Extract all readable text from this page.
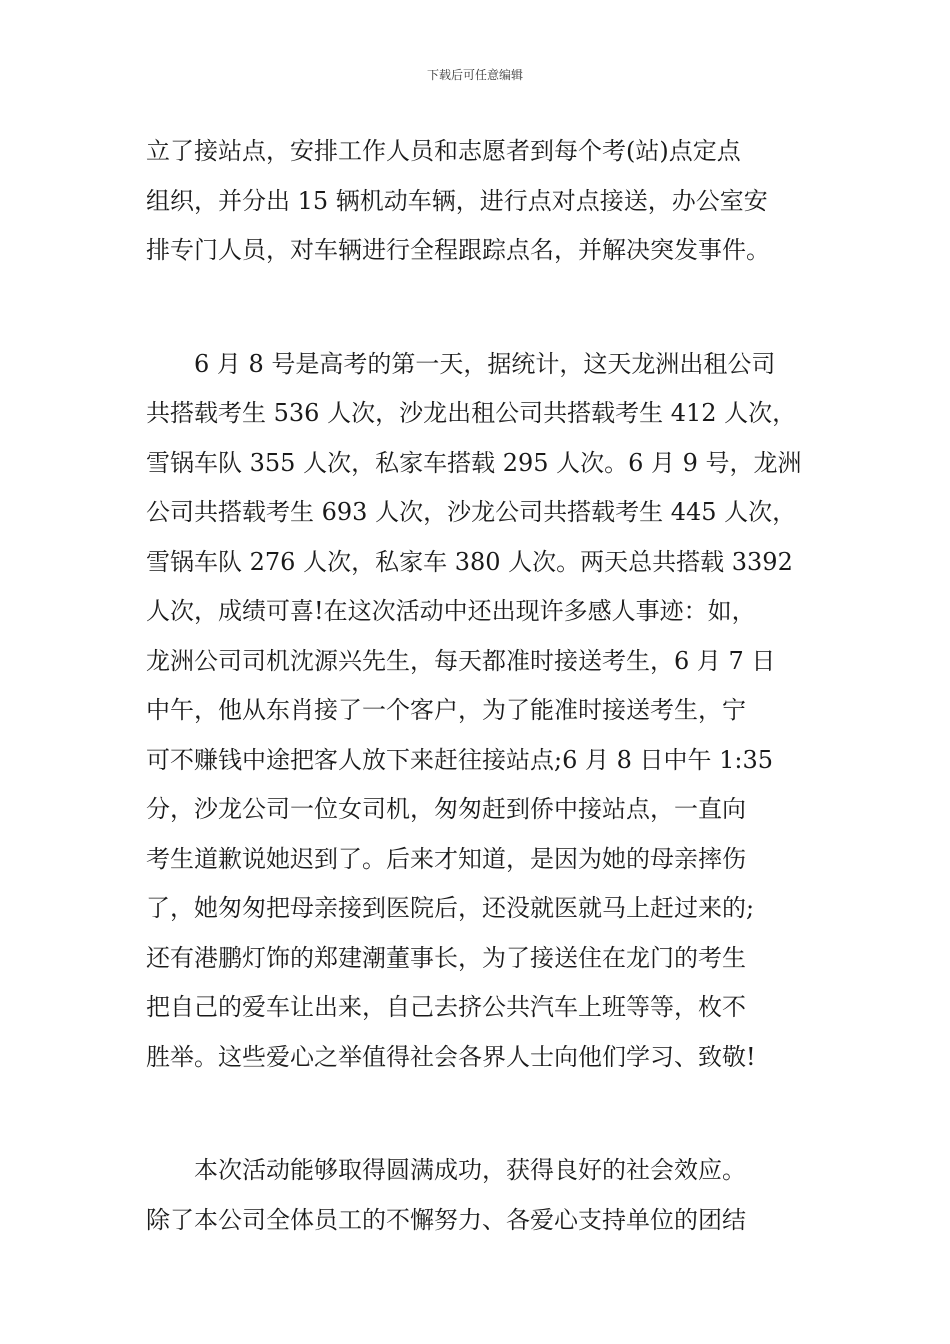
下载后可任意编辑
立了接站点，安排工作人员和志愿者到每个考(站)点定点
组织，并分出 15 辆机动车辆，进行点对点接送，办公室安
排专门人员，对车辆进行全程跟踪点名，并解决突发事件。
　　6 月 8 号是高考的第一天，据统计，这天龙洲出租公司
共搭载考生 536 人次，沙龙出租公司共搭载考生 412 人次，
雪锅车队 355 人次，私家车搭载 295 人次。6 月 9 号，龙洲
公司共搭载考生 693 人次，沙龙公司共搭载考生 445 人次，
雪锅车队 276 人次，私家车 380 人次。两天总共搭载 3392
人次，成绩可喜!在这次活动中还出现许多感人事迹：如，
龙洲公司司机沈源兴先生，每天都准时接送考生，6 月 7 日
中午，他从东肖接了一个客户，为了能准时接送考生，宁
可不赚钱中途把客人放下来赶往接站点;6 月 8 日中午 1:35
分，沙龙公司一位女司机，匆匆赶到侨中接站点，一直向
考生道歉说她迟到了。后来才知道，是因为她的母亲摔伤
了，她匆匆把母亲接到医院后，还没就医就马上赶过来的;
还有港鹏灯饰的郑建潮董事长，为了接送住在龙门的考生
把自己的爱车让出来，自己去挤公共汽车上班等等，枚不
胜举。这些爱心之举值得社会各界人士向他们学习、致敬!
　　本次活动能够取得圆满成功，获得良好的社会效应。
除了本公司全体员工的不懈努力、各爱心支持单位的团结
